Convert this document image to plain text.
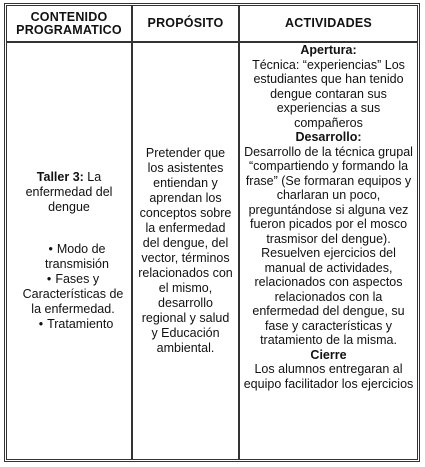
CONTENIDO
PROGRAMATICO PROPÓSITO	ACTIVIDADES
Taller 3: La enfermedad del dengue
• Modo de transmisión
• Fases y Características de la enfermedad.
• Tratamiento
Pretender que los asistentes entiendan y aprendan los conceptos sobre la enfermedad del dengue, del vector, términos relacionados con el mismo, desarrollo regional y salud y Educación ambiental.
Apertura:

Técnica: “experiencias” Los estudiantes que han tenido dengue contaran sus experiencias a sus compañeros

Desarrollo:

Desarrollo de la técnica grupal “compartiendo y formando la frase” (Se formaran equipos y charlaran un poco, preguntándose si alguna vez fueron picados por el mosco trasmisor del dengue).

Resuelven ejercicios del manual de actividades, relacionados con aspectos relacionados con la enfermedad del dengue, su fase y características y tratamiento de la misma.

Cierre

Los alumnos entregaran al equipo facilitador los ejercicios
